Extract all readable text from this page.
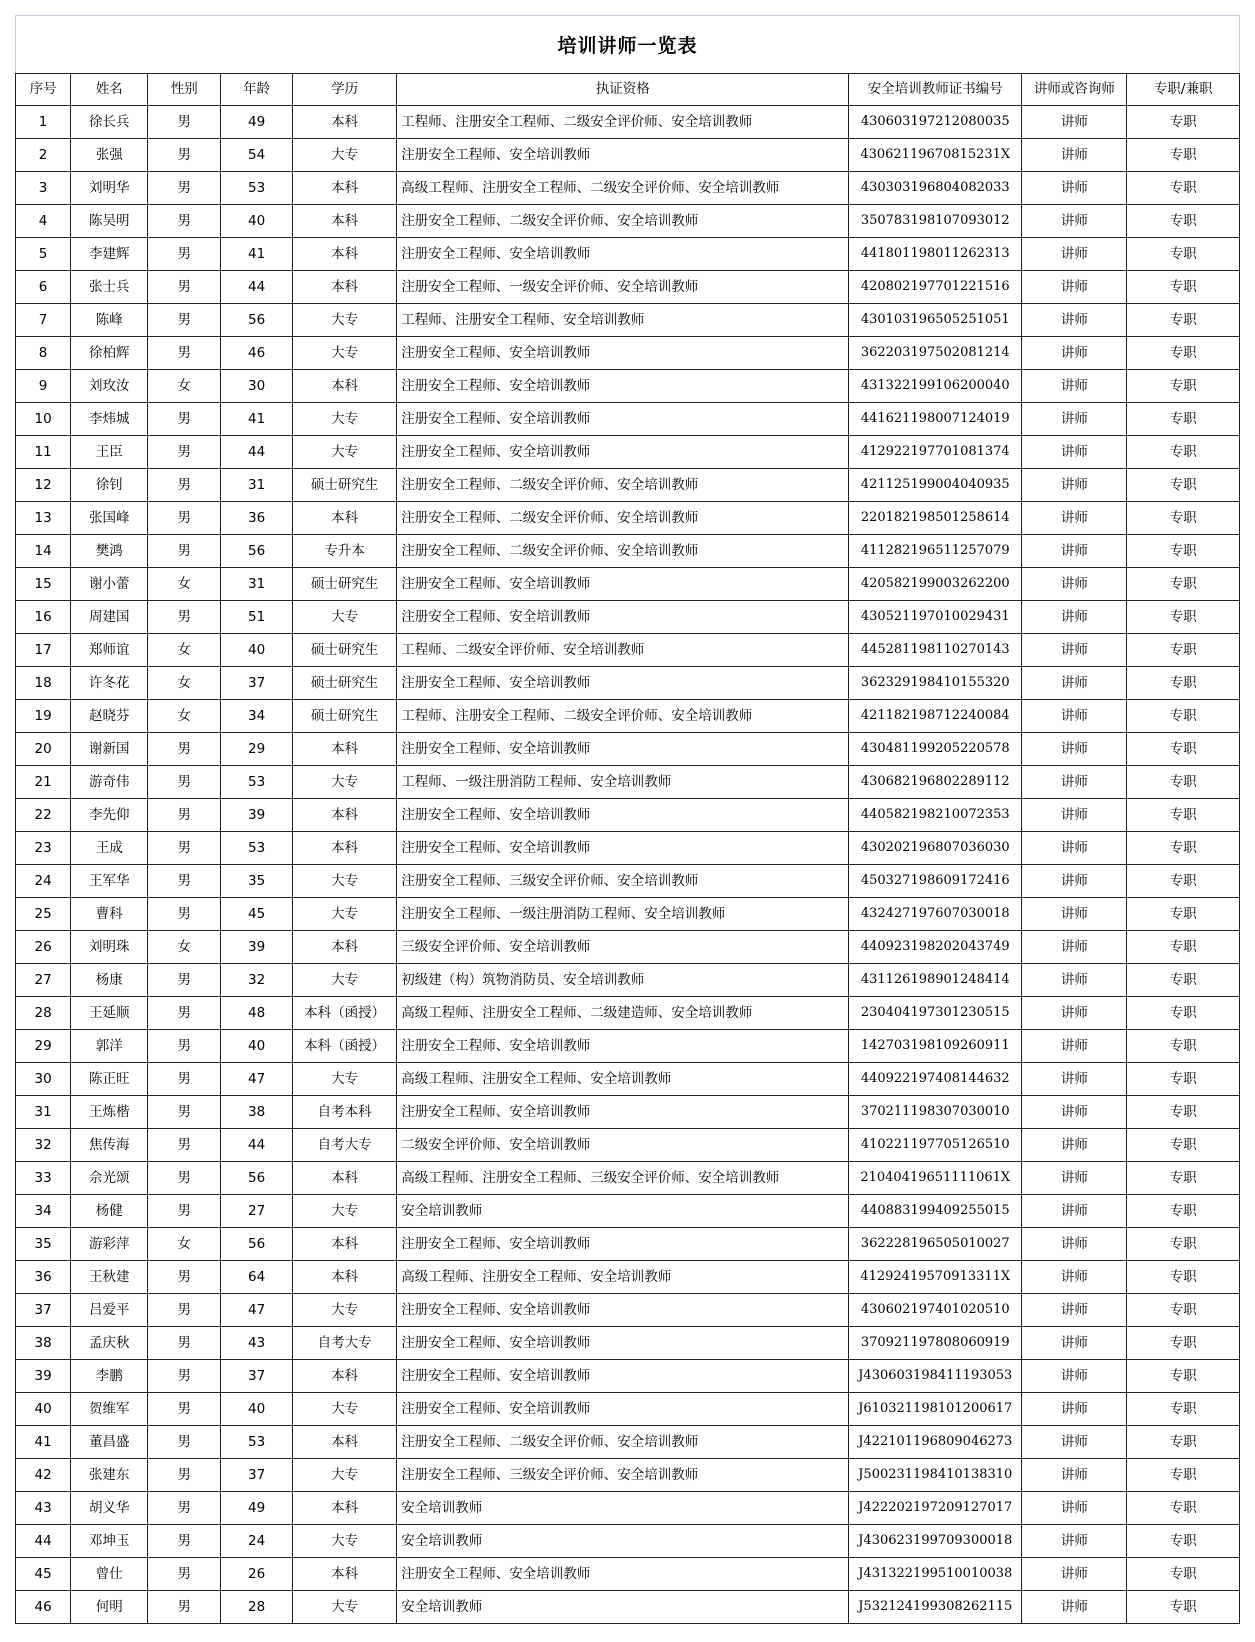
培训讲师一览表
序号	姓名	性别	年龄	学历	执证资格	安全培训教师证书编号	讲师或咨询师	专职/兼职
1	徐长兵	男	49	本科	工程师、注册安全工程师、二级安全评价师、安全培训教师	430603197212080035	讲师	专职
2	张强	男	54	大专	注册安全工程师、安全培训教师	43062119670815231X	讲师	专职
3	刘明华	男	53	本科	高级工程师、注册安全工程师、二级安全评价师、安全培训教师	430303196804082033	讲师	专职
4	陈吴明	男	40	本科	注册安全工程师、二级安全评价师、安全培训教师	350783198107093012	讲师	专职
5	李建辉	男	41	本科	注册安全工程师、安全培训教师	441801198011262313	讲师	专职
6	张士兵	男	44	本科	注册安全工程师、一级安全评价师、安全培训教师	420802197701221516	讲师	专职
7	陈峰	男	56	大专	工程师、注册安全工程师、安全培训教师	430103196505251051	讲师	专职
8	徐柏辉	男	46	大专	注册安全工程师、安全培训教师	362203197502081214	讲师	专职
9	刘玫汝	女	30	本科	注册安全工程师、安全培训教师	431322199106200040	讲师	专职
10	李炜城	男	41	大专	注册安全工程师、安全培训教师	441621198007124019	讲师	专职
11	王臣	男	44	大专	注册安全工程师、安全培训教师	412922197701081374	讲师	专职
12	徐钊	男	31	硕士研究生	注册安全工程师、二级安全评价师、安全培训教师	421125199004040935	讲师	专职
13	张国峰	男	36	本科	注册安全工程师、二级安全评价师、安全培训教师	220182198501258614	讲师	专职
14	樊鸿	男	56	专升本	注册安全工程师、二级安全评价师、安全培训教师	411282196511257079	讲师	专职
15	谢小蕾	女	31	硕士研究生	注册安全工程师、安全培训教师	420582199003262200	讲师	专职
16	周建国	男	51	大专	注册安全工程师、安全培训教师	430521197010029431	讲师	专职
17	郑师谊	女	40	硕士研究生	工程师、二级安全评价师、安全培训教师	445281198110270143	讲师	专职
18	许冬花	女	37	硕士研究生	注册安全工程师、安全培训教师	362329198410155320	讲师	专职
19	赵晓芬	女	34	硕士研究生	工程师、注册安全工程师、二级安全评价师、安全培训教师	421182198712240084	讲师	专职
20	谢新国	男	29	本科	注册安全工程师、安全培训教师	430481199205220578	讲师	专职
21	游奇伟	男	53	大专	工程师、一级注册消防工程师、安全培训教师	430682196802289112	讲师	专职
22	李先仰	男	39	本科	注册安全工程师、安全培训教师	440582198210072353	讲师	专职
23	王成	男	53	本科	注册安全工程师、安全培训教师	430202196807036030	讲师	专职
24	王军华	男	35	大专	注册安全工程师、三级安全评价师、安全培训教师	450327198609172416	讲师	专职
25	曹科	男	45	大专	注册安全工程师、一级注册消防工程师、安全培训教师	432427197607030018	讲师	专职
26	刘明珠	女	39	本科	三级安全评价师、安全培训教师	440923198202043749	讲师	专职
27	杨康	男	32	大专	初级建（构）筑物消防员、安全培训教师	431126198901248414	讲师	专职
28	王延顺	男	48	本科（函授）	高级工程师、注册安全工程师、二级建造师、安全培训教师	230404197301230515	讲师	专职
29	郭洋	男	40	本科（函授）	注册安全工程师、安全培训教师	142703198109260911	讲师	专职
30	陈正旺	男	47	大专	高级工程师、注册安全工程师、安全培训教师	440922197408144632	讲师	专职
31	王炼楷	男	38	自考本科	注册安全工程师、安全培训教师	370211198307030010	讲师	专职
32	焦传海	男	44	自考大专	二级安全评价师、安全培训教师	410221197705126510	讲师	专职
33	佘光颂	男	56	本科	高级工程师、注册安全工程师、三级安全评价师、安全培训教师	21040419651111061X	讲师	专职
34	杨健	男	27	大专	安全培训教师	440883199409255015	讲师	专职
35	游彩萍	女	56	本科	注册安全工程师、安全培训教师	362228196505010027	讲师	专职
36	王秋建	男	64	本科	高级工程师、注册安全工程师、安全培训教师	41292419570913311X	讲师	专职
37	吕爱平	男	47	大专	注册安全工程师、安全培训教师	430602197401020510	讲师	专职
38	孟庆秋	男	43	自考大专	注册安全工程师、安全培训教师	370921197808060919	讲师	专职
39	李鹏	男	37	本科	注册安全工程师、安全培训教师	J430603198411193053	讲师	专职
40	贺维军	男	40	大专	注册安全工程师、安全培训教师	J610321198101200617	讲师	专职
41	董昌盛	男	53	本科	注册安全工程师、二级安全评价师、安全培训教师	J422101196809046273	讲师	专职
42	张建东	男	37	大专	注册安全工程师、三级安全评价师、安全培训教师	J500231198410138310	讲师	专职
43	胡义华	男	49	本科	安全培训教师	J422202197209127017	讲师	专职
44	邓坤玉	男	24	大专	安全培训教师	J430623199709300018	讲师	专职
45	曾仕	男	26	本科	注册安全工程师、安全培训教师	J431322199510010038	讲师	专职
46	何明	男	28	大专	安全培训教师	J532124199308262115	讲师	专职
